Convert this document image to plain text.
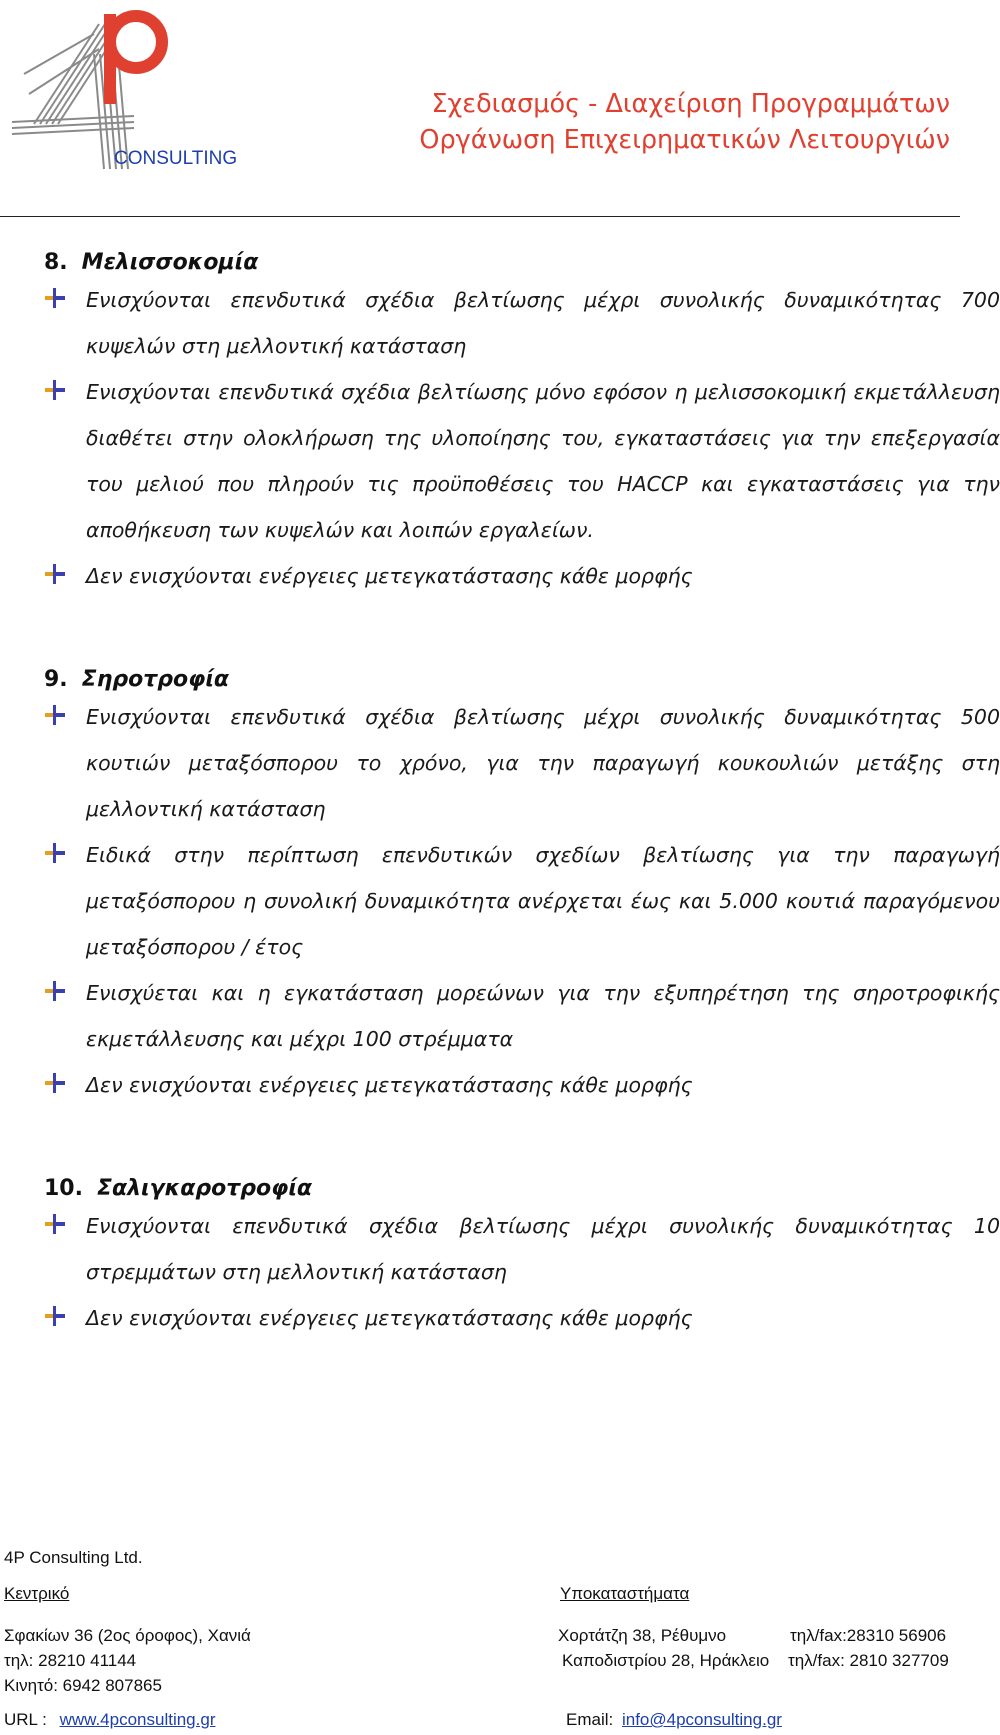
CONSULTING
Σχεδιασμός - Διαχείριση Προγραμμάτων
Οργάνωση Επιχειρηματικών Λειτουργιών
8. Μελισσοκομία
Ενισχύονται επενδυτικά σχέδια βελτίωσης μέχρι συνολικής δυναμικότητας 700 κυψελών στη μελλοντική κατάσταση
Ενισχύονται επενδυτικά σχέδια βελτίωσης μόνο εφόσον η μελισσοκομική εκμετάλλευση διαθέτει στην ολοκλήρωση της υλοποίησης του, εγκαταστάσεις για την επεξεργασία του μελιού που πληρούν τις προϋποθέσεις του HACCP και εγκαταστάσεις για την αποθήκευση των κυψελών και λοιπών εργαλείων.
Δεν ενισχύονται ενέργειες μετεγκατάστασης κάθε μορφής
9. Σηροτροφία
Ενισχύονται επενδυτικά σχέδια βελτίωσης μέχρι συνολικής δυναμικότητας 500 κουτιών μεταξόσπορου το χρόνο, για την παραγωγή κουκουλιών μετάξης στη μελλοντική κατάσταση
Ειδικά στην περίπτωση επενδυτικών σχεδίων βελτίωσης για την παραγωγή μεταξόσπορου η συνολική δυναμικότητα ανέρχεται έως και 5.000 κουτιά παραγόμενου μεταξόσπορου / έτος
Ενισχύεται και η εγκατάσταση μορεώνων για την εξυπηρέτηση της σηροτροφικής εκμετάλλευσης και μέχρι 100 στρέμματα
Δεν ενισχύονται ενέργειες μετεγκατάστασης κάθε μορφής
10. Σαλιγκαροτροφία
Ενισχύονται επενδυτικά σχέδια βελτίωσης μέχρι συνολικής δυναμικότητας 10 στρεμμάτων στη μελλοντική κατάσταση
Δεν ενισχύονται ενέργειες μετεγκατάστασης κάθε μορφής
4P Consulting Ltd.
Κεντρικό	Υποκαταστήματα
Σφακίων 36 (2ος όροφος), Χανιά
τηλ: 28210 41144
Κινητό: 6942 807865
Χορτάτζη 38, Ρέθυμνο	τηλ/fax:28310 56906
Καποδιστρίου 28, Ηράκλειο τηλ/fax: 2810 327709
URL : www.4pconsulting.gr	Email: info@4pconsulting.gr
